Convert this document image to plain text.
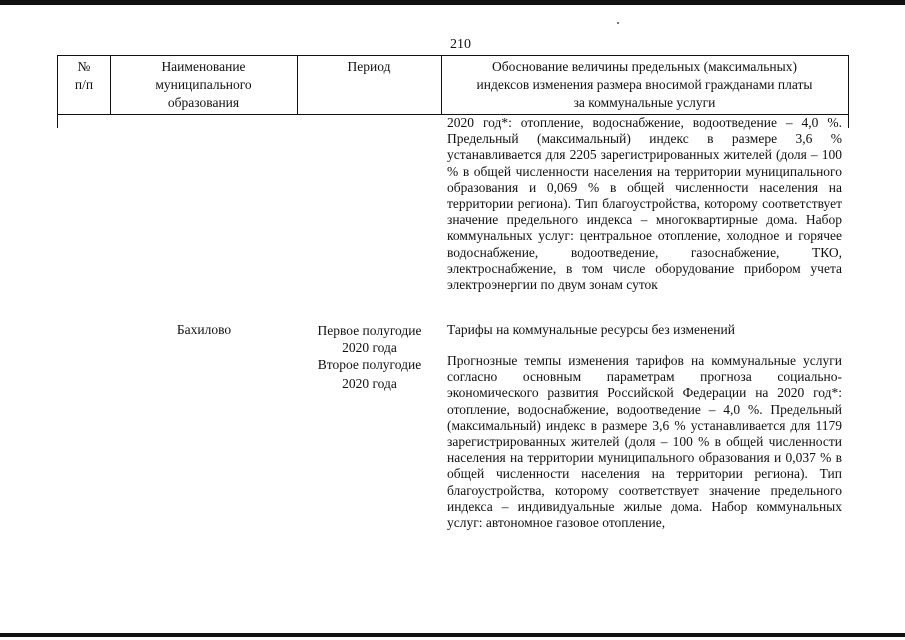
210
№
п/п
Наименование
муниципального
образования
Период	Обоснование величины предельных (максимальных)
индексов изменения размера вносимой гражданами платы
за коммунальные услуги

2020 год*: отопление, водоснабжение, водоотведение – 4,0 %. Предельный (максимальный) индекс в размере 3,6 % устанавливается для 2205 зарегистрированных жителей (доля – 100 % в общей численности населения на территории муниципального образования и 0,069 % в общей численности населения на территории региона). Тип благоустройства, которому соответствует значение предельного индекса – многоквартирные дома. Набор коммунальных услуг: центральное отопление, холодное и горячее водоснабжение, водоотведение, газоснабжение, ТКО, электроснабжение, в том числе оборудование прибором учета электроэнергии по двум зонам суток

Бахилово	Первое полугодие
2020 года
Тарифы на коммунальные ресурсы без изменений
Второе полугодие
2020 года

Прогнозные темпы изменения тарифов на коммунальные услуги согласно основным параметрам прогноза социально-экономического развития Российской Федерации на 2020 год*: отопление, водоснабжение, водоотведение – 4,0 %. Предельный (максимальный) индекс в размере 3,6 % устанавливается для 1179 зарегистрированных жителей (доля – 100 % в общей численности населения на территории муниципального образования и 0,037 % в общей численности населения на территории региона). Тип благоустройства, которому соответствует значение предельного индекса – индивидуальные жилые дома. Набор коммунальных услуг: автономное газовое отопление,
